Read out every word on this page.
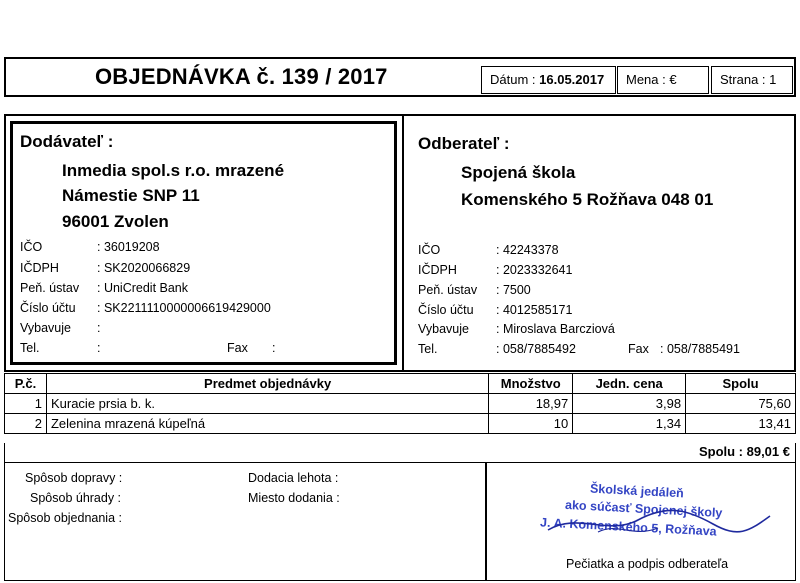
OBJEDNÁVKA č. 139 / 2017	Dátum : 16.05.2017	Mena : €	Strana : 1
Dodávateľ :
Inmedia spol.s r.o. mrazené
Námestie SNP 11
96001 Zvolen
IČO	: 36019208
IČDPH	: SK2020066829
Peň. ústav : UniCredit Bank
Číslo účtu : SK2211110000006619429000
Vybavuje :
Tel.	:	Fax :
Odberateľ :
Spojená škola
Komenského 5 Rožňava 048 01
IČO	: 42243378
IČDPH	: 2023332641
Peň. ústav : 7500
Číslo účtu : 4012585171
Vybavuje : Miroslava Barcziová
Tel.	: 058/7885492	Fax : 058/7885491
P.č.	Predmet objednávky	Množstvo	Jedn. cena	Spolu
1	Kuracie prsia b. k.	18,97	3,98	75,60
2	Zelenina mrazená kúpeľná	10	1,34	13,41
Spolu : 89,01 €
Spôsob dopravy :
Spôsob úhrady :
Spôsob objednania :
Dodacia lehota :
Miesto dodania :	Školská jedáleň
ako súčasť Spojenej školy
J. A. Komenského 5, Rožňava
Pečiatka a podpis odberateľa
